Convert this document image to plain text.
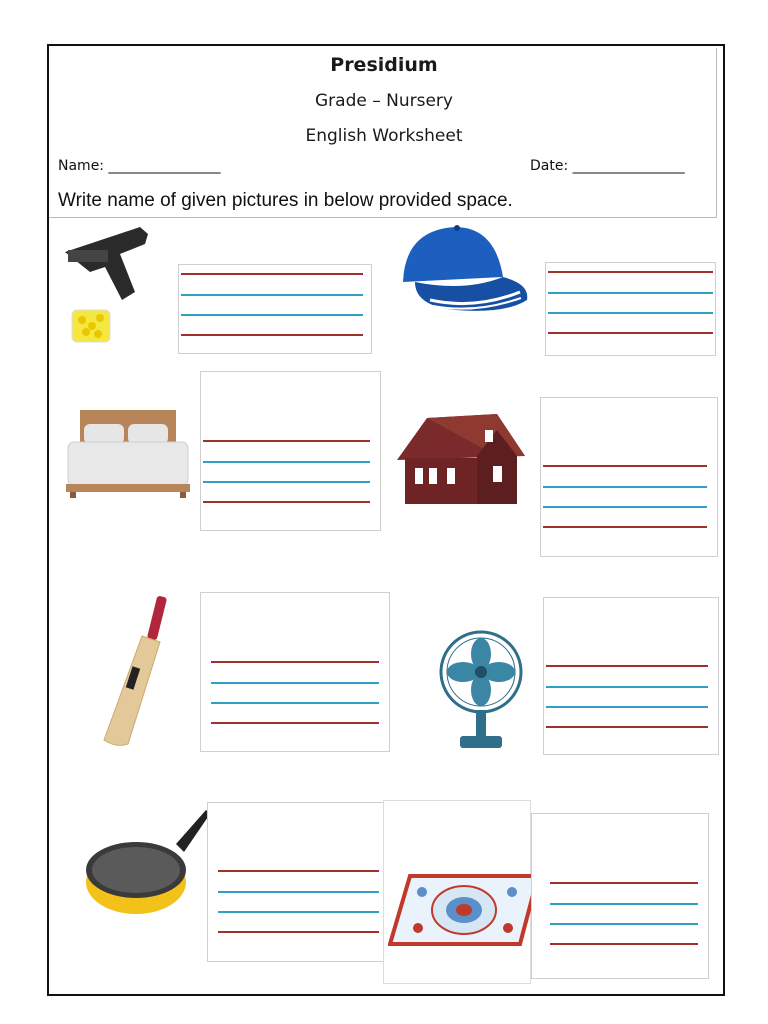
Presidium
Grade – Nursery
English Worksheet
Name: ________________	Date: ________________
Write name of given pictures in below provided space.
